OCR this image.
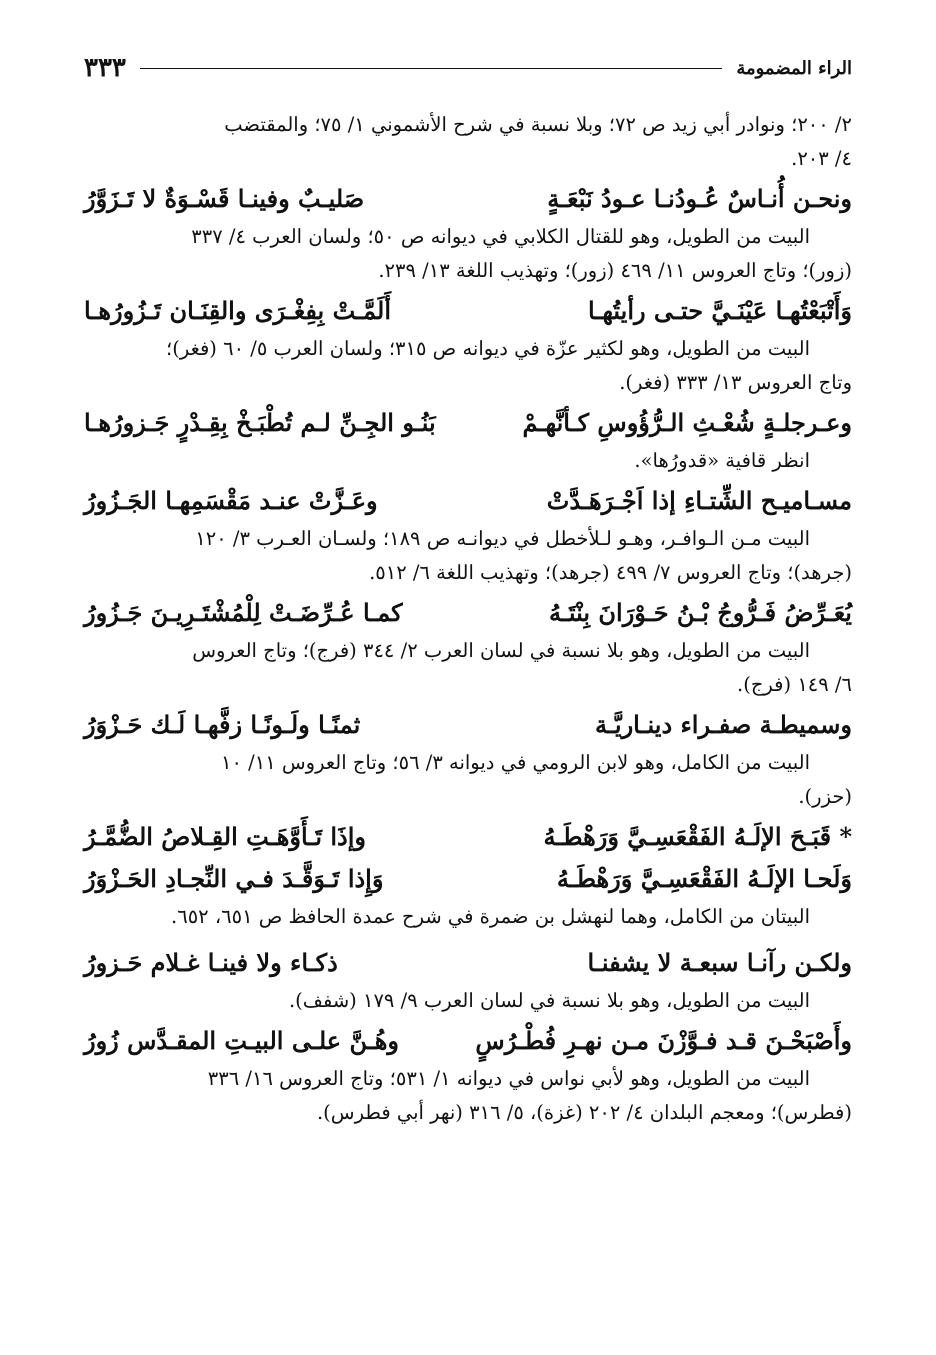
الراء المضمومة
٣٣٣

٢/ ٢٠٠؛ ونوادر أبي زيد ص ٧٢؛ وبلا نسبة في شرح الأشموني ١/ ٧٥؛ والمقتضب

٤/ ٢٠٣.

ونحـن أُنـاسٌ عُـودُنـا عـودُ نَبْعَـةٍ
صَليـبٌ وفينـا قَسْـوَةٌ لا تَـزَوَّرُ

البيت من الطويل، وهو للقتال الكلابي في ديوانه ص ٥٠؛ ولسان العرب ٤/ ٣٣٧

(زور)؛ وتاج العروس ١١/ ٤٦٩ (زور)؛ وتهذيب اللغة ١٣/ ٢٣٩.

وَأَتْبَعْتُهـا عَيْنَـيَّ حتـى رأيتُهـا
أَلَمَّـتْ بِفِغْـرَى والقِنَـان تَـزُورُهـا

البيت من الطويل، وهو لكثير عزّة في ديوانه ص ٣١٥؛ ولسان العرب ٥/ ٦٠ (فغر)؛

وتاج العروس ١٣/ ٣٣٣ (فغر).

وعـرجلـةٍ شُعْـثِ الـرُّؤُوسِ كـأنَّهـمْ
بَنُـو الجِـنِّ لـم تُطْبَـخْ بِقِـدْرٍ جَـزورُهـا

انظر قافية «قدورُها».

مسـاميـح الشِّتـاءِ إذا اَجْـرَهَـدَّتْ
وعَـزَّتْ عنـد مَقْسَمِهـا الجَـزُورُ

البيت مـن الـوافـر، وهـو لـلأخطل في ديوانـه ص ١٨٩؛ ولسـان العـرب ٣/ ١٢٠

(جرهد)؛ وتاج العروس ٧/ ٤٩٩ (جرهد)؛ وتهذيب اللغة ٦/ ٥١٢.

يُعَـرِّضُ فَـرُّوجُ بْـنُ حَـوْرَانَ بِنْتَـهُ
كمـا عُـرِّضَـتْ لِلْمُشْتَـرِيـنَ جَـزُورُ

البيت من الطويل، وهو بلا نسبة في لسان العرب ٢/ ٣٤٤ (فرج)؛ وتاج العروس

٦/ ١٤٩ (فرج).

وسميطـة صفـراء دينـاريَّـة
ثمنًـا ولَـونًـا زفَّهـا لَـك حَـزْوَرُ

البيت من الكامل، وهو لابن الرومي في ديوانه ٣/ ٥٦؛ وتاج العروس ١١/ ١٠

(حزر).

* قَبَـحَ الإلَـهُ الفَقْعَسِـيَّ وَرَهْطَـهُ
وإذَا تَـأَوَّهَـتِ القِـلاصُ الضُّمَّـرُ
وَلَحـا الإلَـهُ الفَقْعَسِـيَّ وَرَهْطَـهُ
وَإِذا تَـوَقَّـدَ فـي النِّجـادِ الحَـزْوَرُ

البيتان من الكامل، وهما لنهشل بن ضمرة في شرح عمدة الحافظ ص ٦٥١، ٦٥٢.

ولكـن رآنـا سبعـة لا يشفنـا
ذكـاء ولا فينـا غـلام حَـزورُ

البيت من الطويل، وهو بلا نسبة في لسان العرب ٩/ ١٧٩ (شفف).

وأَصْبَحْـنَ قـد فـوَّزْنَ مـن نهـرِ فُطْـرُسٍ
وهُـنَّ علـى البيـتِ المقـدَّس زُورُ

البيت من الطويل، وهو لأبي نواس في ديوانه ١/ ٥٣١؛ وتاج العروس ١٦/ ٣٣٦

(فطرس)؛ ومعجم البلدان ٤/ ٢٠٢ (غزة)، ٥/ ٣١٦ (نهر أبي فطرس).
